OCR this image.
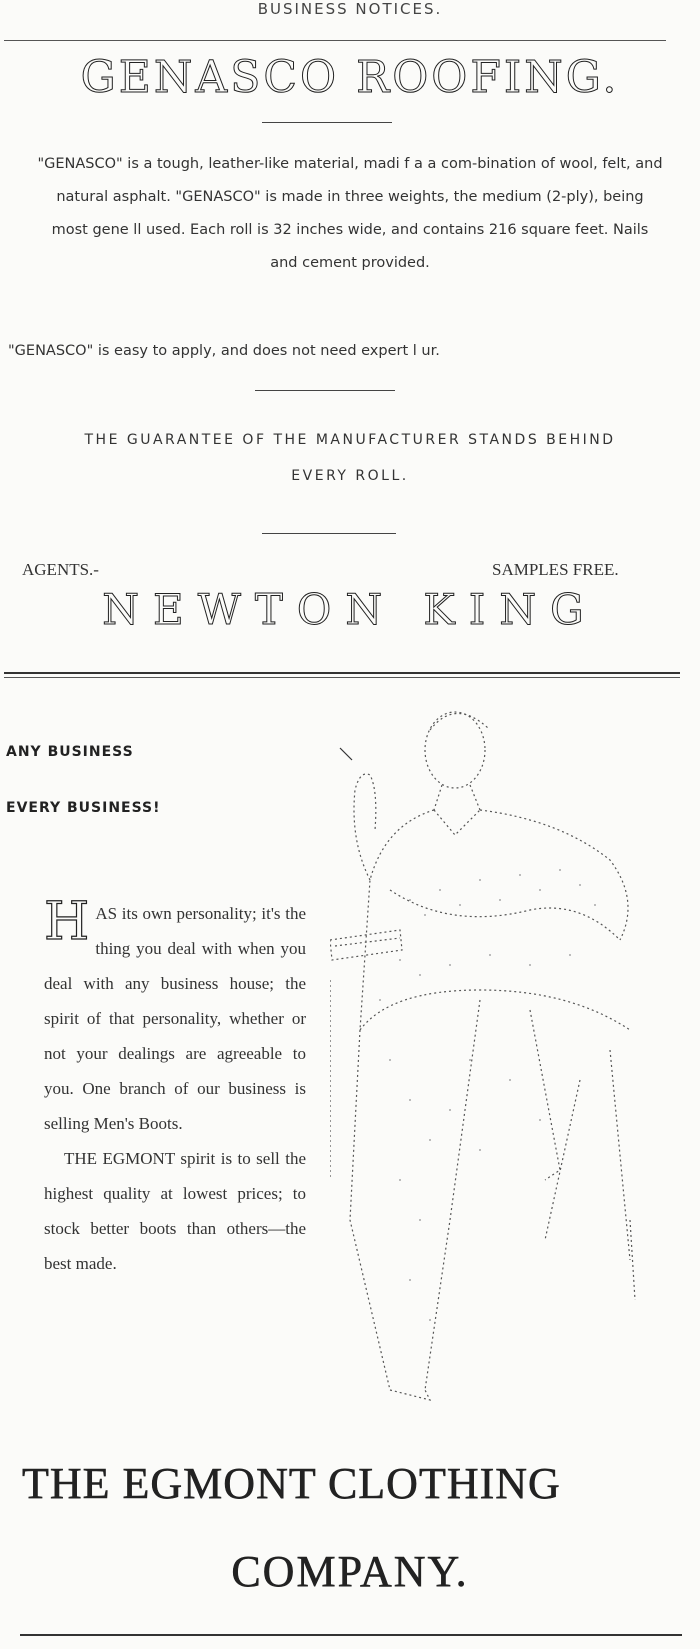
BUSINESS NOTICES.
GENASCO ROOFING.
"GENASCO" is a tough, leather-like material, madi f a a com-bination of wool, felt, and natural asphalt. "GENASCO" is made in three weights, the medium (2-ply), being most gene ll used. Each roll is 32 inches wide, and contains 216 square feet. Nails and cement provided.
"GENASCO" is easy to apply, and does not need expert l ur.
THE GUARANTEE OF THE MANUFACTURER STANDS BEHIND
EVERY ROLL.
AGENTS.-	SAMPLES FREE.
NEWTON KING
ANY BUSINESS
EVERY BUSINESS!
H AS its own personality; it's the thing you deal with when you deal with any business house; the spirit of that personality, whether or not your dealings are agreeable to you. One branch of our business is selling Men's Boots.
THE EGMONT spirit is to sell the highest quality at lowest prices; to stock better boots than others—the best made.
THE EGMONT CLOTHING
COMPANY.
